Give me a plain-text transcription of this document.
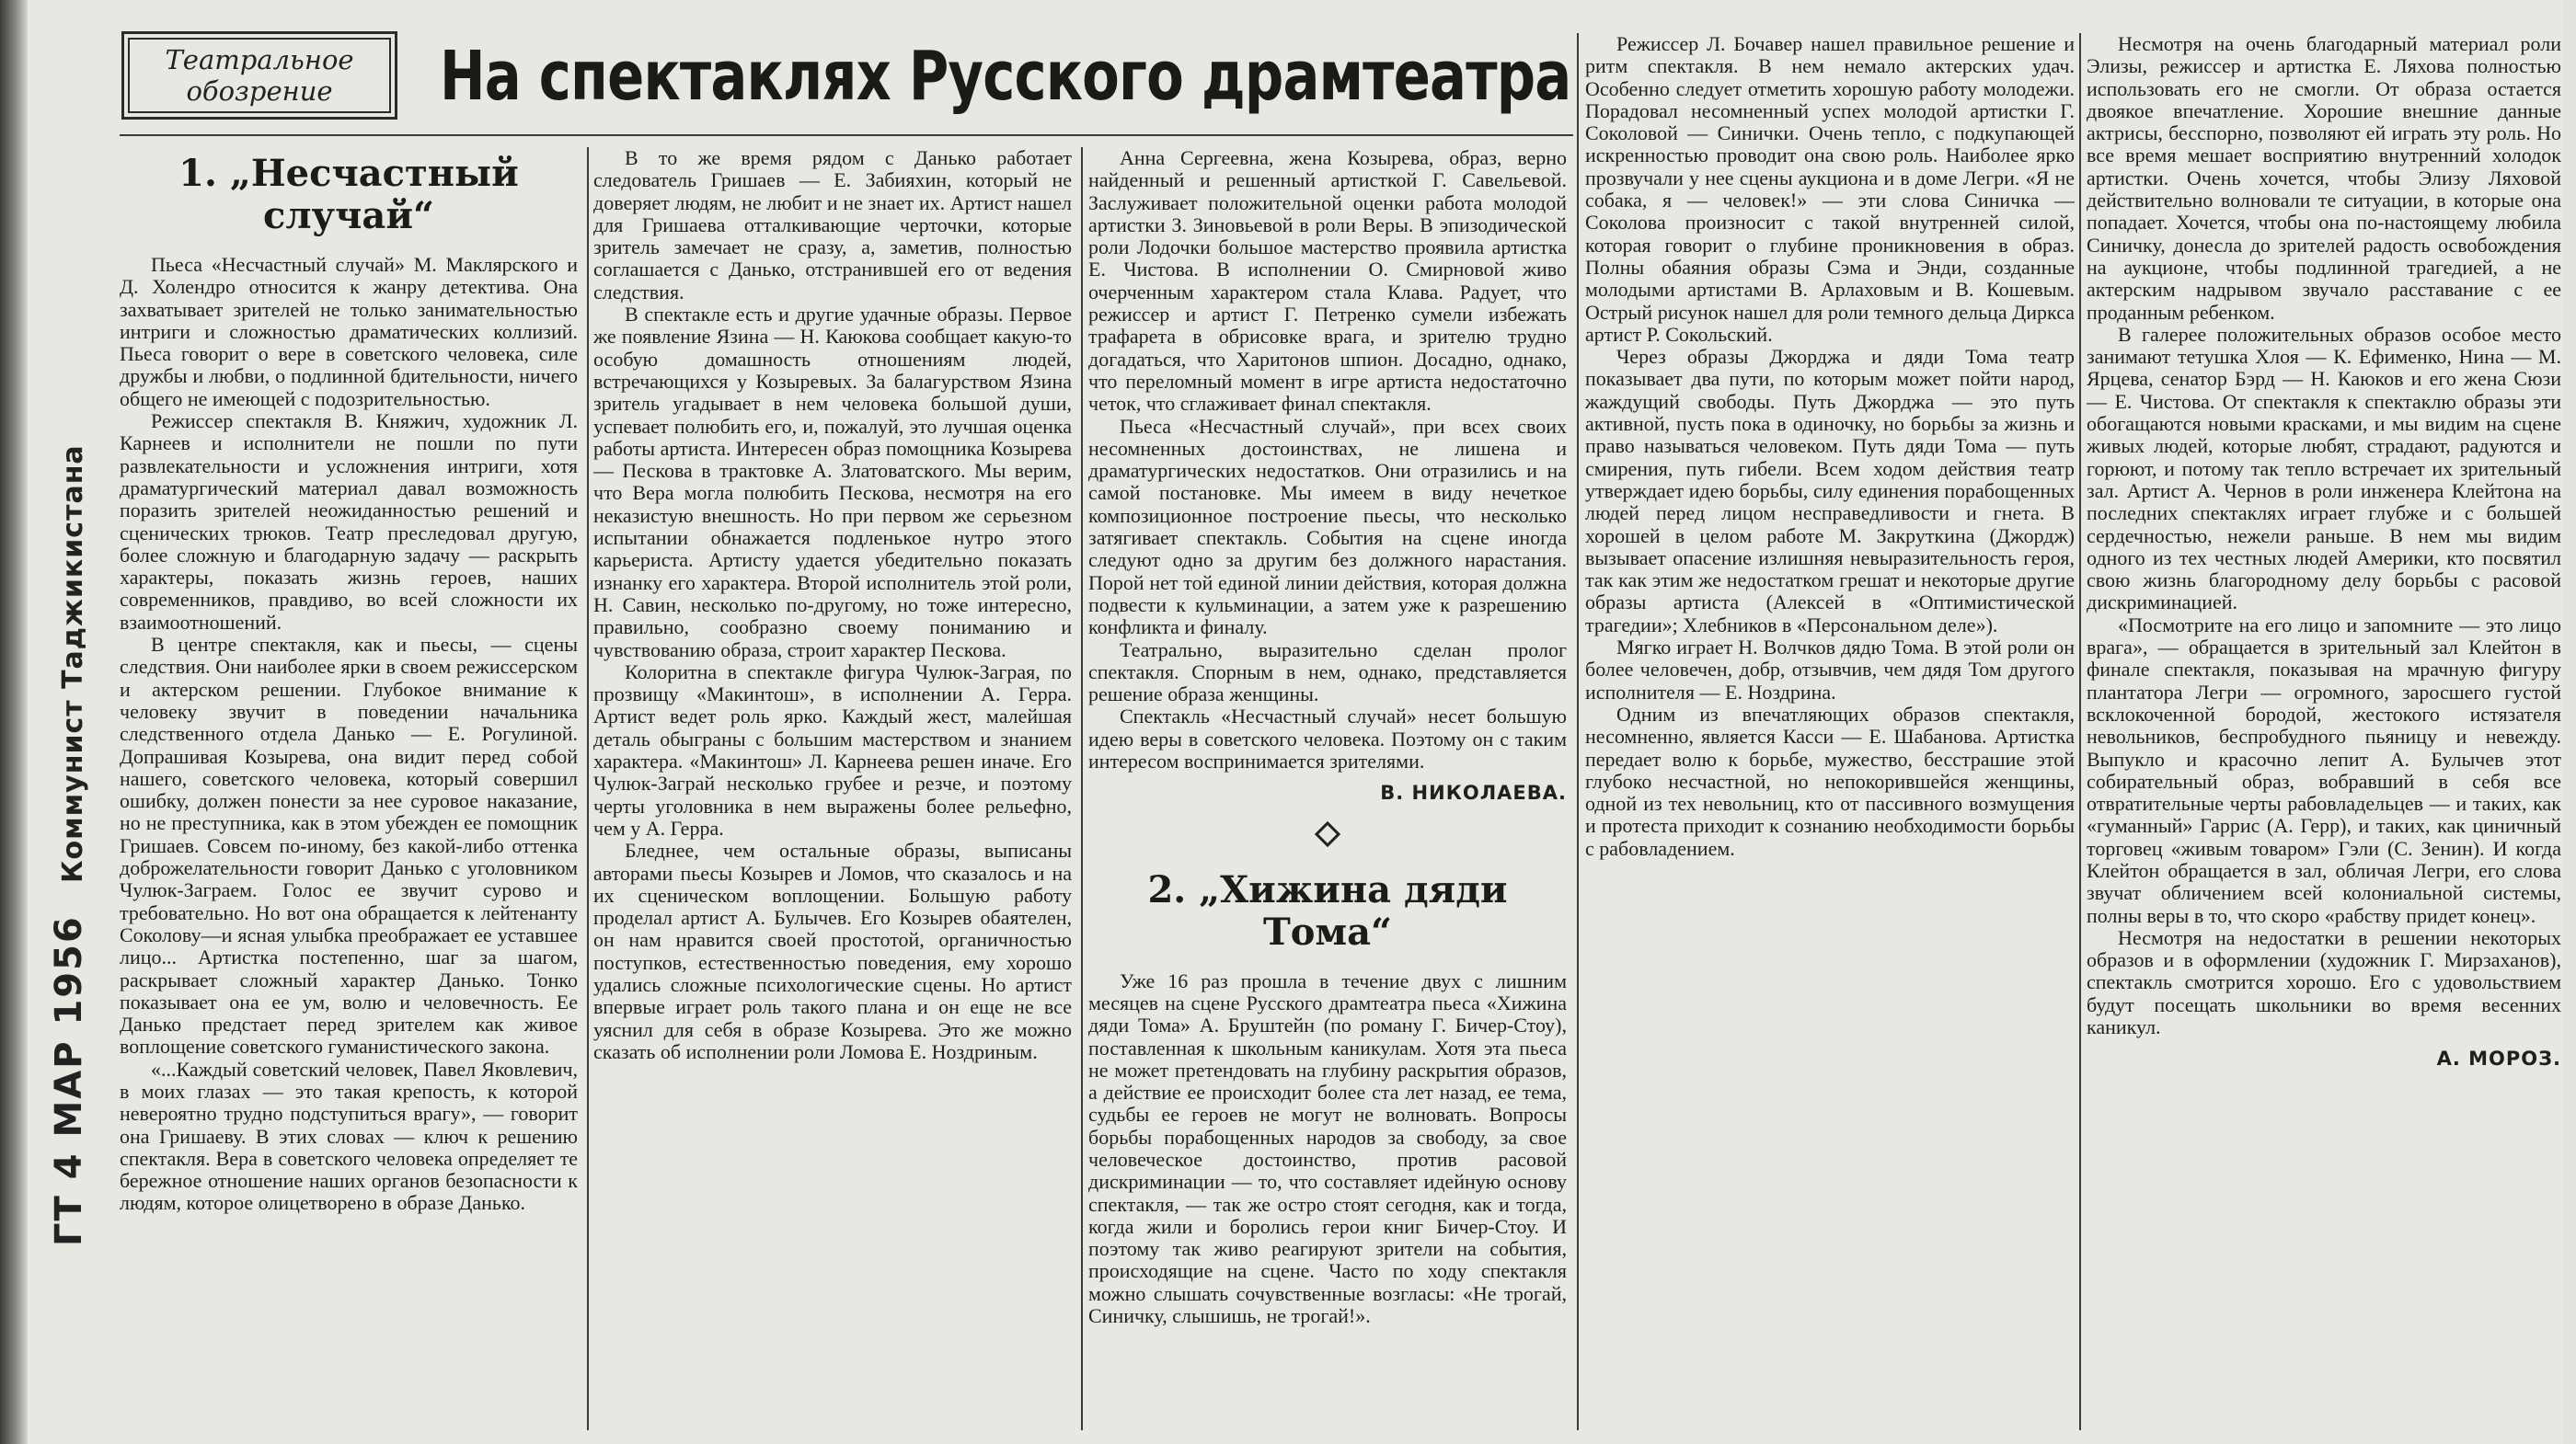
Коммунист Таджикистана
ГТ 4 МАР 1956
Театральное
обозрение	На спектаклях Русского драмтеатра
1. „Несчастный случай“

Пьеса «Несчастный случай» М. Маклярского и Д. Холендро относится к жанру детектива. Она захватывает зрителей не только занимательностью интриги и сложностью драматических коллизий. Пьеса говорит о вере в советского человека, силе дружбы и любви, о подлинной бдительности, ничего общего не имеющей с подозрительностью.

Режиссер спектакля В. Княжич, художник Л. Карнеев и исполнители не пошли по пути развлекательности и усложнения интриги, хотя драматургический материал давал возможность поразить зрителей неожиданностью решений и сценических трюков. Театр преследовал другую, более сложную и благодарную задачу — раскрыть характеры, показать жизнь героев, наших современников, правдиво, во всей сложности их взаимоотношений.

В центре спектакля, как и пьесы, — сцены следствия. Они наиболее ярки в своем режиссерском и актерском решении. Глубокое внимание к человеку звучит в поведении начальника следственного отдела Данько — Е. Рогулиной. Допрашивая Козырева, она видит перед собой нашего, советского человека, который совершил ошибку, должен понести за нее суровое наказание, но не преступника, как в этом убежден ее помощник Гришаев. Совсем по-иному, без какой-либо оттенка доброжелательности говорит Данько с уголовником Чулюк-Заграем. Голос ее звучит сурово и требовательно. Но вот она обращается к лейтенанту Соколову—и ясная улыбка преображает ее уставшее лицо... Артистка постепенно, шаг за шагом, раскрывает сложный характер Данько. Тонко показывает она ее ум, волю и человечность. Ее Данько предстает перед зрителем как живое воплощение советского гуманистического закона.

«...Каждый советский человек, Павел Яковлевич, в моих глазах — это такая крепость, к которой невероятно трудно подступиться врагу», — говорит она Гришаеву. В этих словах — ключ к решению спектакля. Вера в советского человека определяет те бережное отношение наших органов безопасности к людям, которое олицетворено в образе Данько.

В то же время рядом с Данько работает следователь Гришаев — Е. Забияхин, который не доверяет людям, не любит и не знает их. Артист нашел для Гришаева отталкивающие черточки, которые зритель замечает не сразу, а, заметив, полностью соглашается с Данько, отстранившей его от ведения следствия.

В спектакле есть и другие удачные образы. Первое же появление Язина — Н. Каюкова сообщает какую-то особую домашность отношениям людей, встречающихся у Козыревых. За балагурством Язина зритель угадывает в нем человека большой души, успевает полюбить его, и, пожалуй, это лучшая оценка работы артиста. Интересен образ помощника Козырева — Пескова в трактовке А. Златоватского. Мы верим, что Вера могла полюбить Пескова, несмотря на его неказистую внешность. Но при первом же серьезном испытании обнажается подленькое нутро этого карьериста. Артисту удается убедительно показать изнанку его характера. Второй исполнитель этой роли, Н. Савин, несколько по-другому, но тоже интересно, правильно, сообразно своему пониманию и чувствованию образа, строит характер Пескова.

Колоритна в спектакле фигура Чулюк-Заграя, по прозвищу «Макинтош», в исполнении А. Герра. Артист ведет роль ярко. Каждый жест, малейшая деталь обыграны с большим мастерством и знанием характера. «Макинтош» Л. Карнеева решен иначе. Его Чулюк-Заграй несколько грубее и резче, и поэтому черты уголовника в нем выражены более рельефно, чем у А. Герра.

Бледнее, чем остальные образы, выписаны авторами пьесы Козырев и Ломов, что сказалось и на их сценическом воплощении. Большую работу проделал артист А. Булычев. Его Козырев обаятелен, он нам нравится своей простотой, органичностью поступков, естественностью поведения, ему хорошо удались сложные психологические сцены. Но артист впервые играет роль такого плана и он еще не все уяснил для себя в образе Козырева. Это же можно сказать об исполнении роли Ломова Е. Ноздриным.

Анна Сергеевна, жена Козырева, образ, верно найденный и решенный артисткой Г. Савельевой. Заслуживает положительной оценки работа молодой артистки З. Зиновьевой в роли Веры. В эпизодической роли Лодочки большое мастерство проявила артистка Е. Чистова. В исполнении О. Смирновой живо очерченным характером стала Клава. Радует, что режиссер и артист Г. Петренко сумели избежать трафарета в обрисовке врага, и зрителю трудно догадаться, что Харитонов шпион. Досадно, однако, что переломный момент в игре артиста недостаточно четок, что сглаживает финал спектакля.

Пьеса «Несчастный случай», при всех своих несомненных достоинствах, не лишена и драматургических недостатков. Они отразились и на самой постановке. Мы имеем в виду нечеткое композиционное построение пьесы, что несколько затягивает спектакль. События на сцене иногда следуют одно за другим без должного нарастания. Порой нет той единой линии действия, которая должна подвести к кульминации, а затем уже к разрешению конфликта и финалу.

Театрально, выразительно сделан пролог спектакля. Спорным в нем, однако, представляется решение образа женщины.

Спектакль «Несчастный случай» несет большую идею веры в советского человека. Поэтому он с таким интересом воспринимается зрителями.

В. НИКОЛАЕВА.

2. „Хижина дяди Тома“

Уже 16 раз прошла в течение двух с лишним месяцев на сцене Русского драмтеатра пьеса «Хижина дяди Тома» А. Бруштейн (по роману Г. Бичер-Стоу), поставленная к школьным каникулам. Хотя эта пьеса не может претендовать на глубину раскрытия образов, а действие ее происходит более ста лет назад, ее тема, судьбы ее героев не могут не волновать. Вопросы борьбы порабощенных народов за свободу, за свое человеческое достоинство, против расовой дискриминации — то, что составляет идейную основу спектакля, — так же остро стоят сегодня, как и тогда, когда жили и боролись герои книг Бичер-Стоу. И поэтому так живо реагируют зрители на события, происходящие на сцене. Часто по ходу спектакля можно слышать сочувственные возгласы: «Не трогай, Синичку, слышишь, не трогай!».

Режиссер Л. Бочавер нашел правильное решение и ритм спектакля. В нем немало актерских удач. Особенно следует отметить хорошую работу молодежи. Порадовал несомненный успех молодой артистки Г. Соколовой — Синички. Очень тепло, с подкупающей искренностью проводит она свою роль. Наиболее ярко прозвучали у нее сцены аукциона и в доме Легри. «Я не собака, я — человек!» — эти слова Синичка — Соколова произносит с такой внутренней силой, которая говорит о глубине проникновения в образ. Полны обаяния образы Сэма и Энди, созданные молодыми артистами В. Арлаховым и В. Кошевым. Острый рисунок нашел для роли темного дельца Диркса артист Р. Сокольский.

Через образы Джорджа и дяди Тома театр показывает два пути, по которым может пойти народ, жаждущий свободы. Путь Джорджа — это путь активной, пусть пока в одиночку, но борьбы за жизнь и право называться человеком. Путь дяди Тома — путь смирения, путь гибели. Всем ходом действия театр утверждает идею борьбы, силу единения порабощенных людей перед лицом несправедливости и гнета. В хорошей в целом работе М. Закруткина (Джордж) вызывает опасение излишняя невыразительность героя, так как этим же недостатком грешат и некоторые другие образы артиста (Алексей в «Оптимистической трагедии»; Хлебников в «Персональном деле»).

Мягко играет Н. Волчков дядю Тома. В этой роли он более человечен, добр, отзывчив, чем дядя Том другого исполнителя — Е. Ноздрина.

Одним из впечатляющих образов спектакля, несомненно, является Касси — Е. Шабанова. Артистка передает волю к борьбе, мужество, бесстрашие этой глубоко несчастной, но непокорившейся женщины, одной из тех невольниц, кто от пассивного возмущения и протеста приходит к сознанию необходимости борьбы с рабовладением.

Несмотря на очень благодарный материал роли Элизы, режиссер и артистка Е. Ляхова полностью использовать его не смогли. От образа остается двоякое впечатление. Хорошие внешние данные актрисы, бесспорно, позволяют ей играть эту роль. Но все время мешает восприятию внутренний холодок артистки. Очень хочется, чтобы Элизу Ляховой действительно волновали те ситуации, в которые она попадает. Хочется, чтобы она по-настоящему любила Синичку, донесла до зрителей радость освобождения на аукционе, чтобы подлинной трагедией, а не актерским надрывом звучало расставание с ее проданным ребенком.

В галерее положительных образов особое место занимают тетушка Хлоя — К. Ефименко, Нина — М. Ярцева, сенатор Бэрд — Н. Каюков и его жена Сюзи — Е. Чистова. От спектакля к спектаклю образы эти обогащаются новыми красками, и мы видим на сцене живых людей, которые любят, страдают, радуются и горюют, и потому так тепло встречает их зрительный зал. Артист А. Чернов в роли инженера Клейтона на последних спектаклях играет глубже и с большей сердечностью, нежели раньше. В нем мы видим одного из тех честных людей Америки, кто посвятил свою жизнь благородному делу борьбы с расовой дискриминацией.

«Посмотрите на его лицо и запомните — это лицо врага», — обращается в зрительный зал Клейтон в финале спектакля, показывая на мрачную фигуру плантатора Легри — огромного, заросшего густой всклокоченной бородой, жестокого истязателя невольников, беспробудного пьяницу и невежду. Выпукло и красочно лепит А. Булычев этот собирательный образ, вобравший в себя все отвратительные черты рабовладельцев — и таких, как «гуманный» Гаррис (А. Герр), и таких, как циничный торговец «живым товаром» Гэли (С. Зенин). И когда Клейтон обращается в зал, обличая Легри, его слова звучат обличением всей колониальной системы, полны веры в то, что скоро «рабству придет конец».

Несмотря на недостатки в решении некоторых образов и в оформлении (художник Г. Мирзаханов), спектакль смотрится хорошо. Его с удовольствием будут посещать школьники во время весенних каникул.

А. МОРОЗ.
